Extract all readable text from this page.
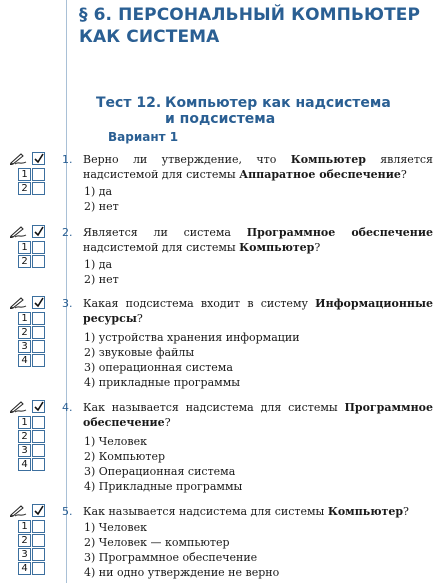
§ 6. ПЕРСОНАЛЬНЫЙ КОМПЬЮТЕР
КАК СИСТЕМА
Тест 12. Компьютер как надсистема
и подсистема
Вариант 1
1
2
1. Верно ли утверждение, что Компьютер является надсистемой для системы Аппаратное обеспечение?
1) да
2) нет
1
2
2. Является ли система Программное обеспечение надсистемой для системы Компьютер?
1) да
2) нет
1
2
3
4
3. Какая подсистема входит в систему Информационные ресурсы?
1) устройства хранения информации
2) звуковые файлы
3) операционная система
4) прикладные программы
1
2
3
4
4. Как называется надсистема для системы Программное обеспечение?
1) Человек
2) Компьютер
3) Операционная система
4) Прикладные программы
1
2
3
4
5. Как называется надсистема для системы Компьютер?
1) Человек
2) Человек — компьютер
3) Программное обеспечение
4) ни одно утверждение не верно
